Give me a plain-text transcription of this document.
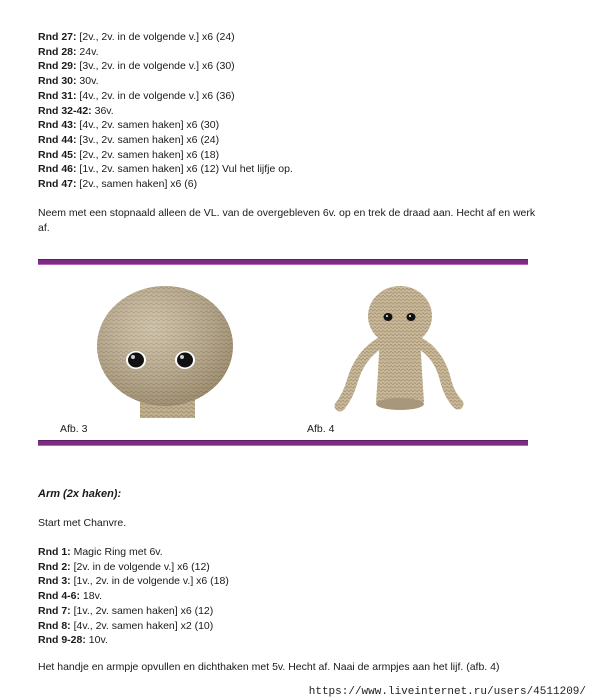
Rnd 27: [2v., 2v. in de volgende v.] x6 (24)
Rnd 28: 24v.
Rnd 29: [3v., 2v. in de volgende v.] x6 (30)
Rnd 30: 30v.
Rnd 31: [4v., 2v. in de volgende v.] x6 (36)
Rnd 32-42: 36v.
Rnd 43: [4v., 2v. samen haken] x6 (30)
Rnd 44: [3v., 2v. samen haken] x6 (24)
Rnd 45: [2v., 2v. samen haken] x6 (18)
Rnd 46: [1v., 2v. samen haken] x6 (12) Vul het lijfje op.
Rnd 47: [2v., samen haken] x6 (6)
Neem met een stopnaald alleen de VL. van de overgebleven 6v. op en trek de draad aan. Hecht af en werk af.
Afb. 3	Afb. 4
Arm (2x haken):
Start met Chanvre.
Rnd 1: Magic Ring met 6v.
Rnd 2: [2v. in de volgende v.] x6 (12)
Rnd 3: [1v., 2v. in de volgende v.] x6 (18)
Rnd 4-6: 18v.
Rnd 7: [1v., 2v. samen haken] x6 (12)
Rnd 8: [4v., 2v. samen haken] x2 (10)
Rnd 9-28: 10v.
Het handje en armpje opvullen en dichthaken met 5v. Hecht af. Naai de armpjes aan het lijf. (afb. 4)
https://www.liveinternet.ru/users/4511209/
